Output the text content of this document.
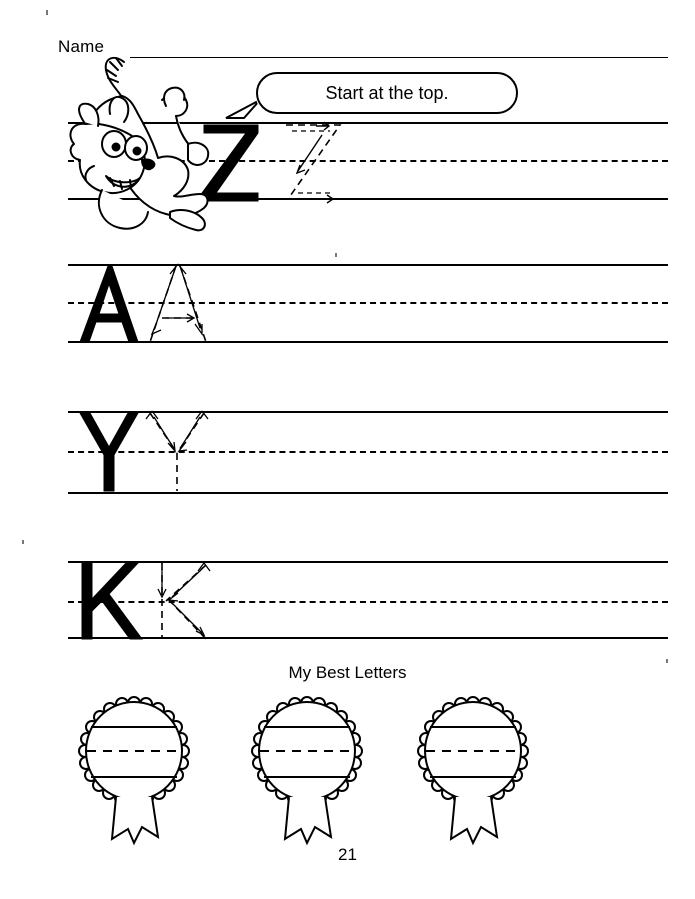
Name
Start at the top.
My Best Letters
21
